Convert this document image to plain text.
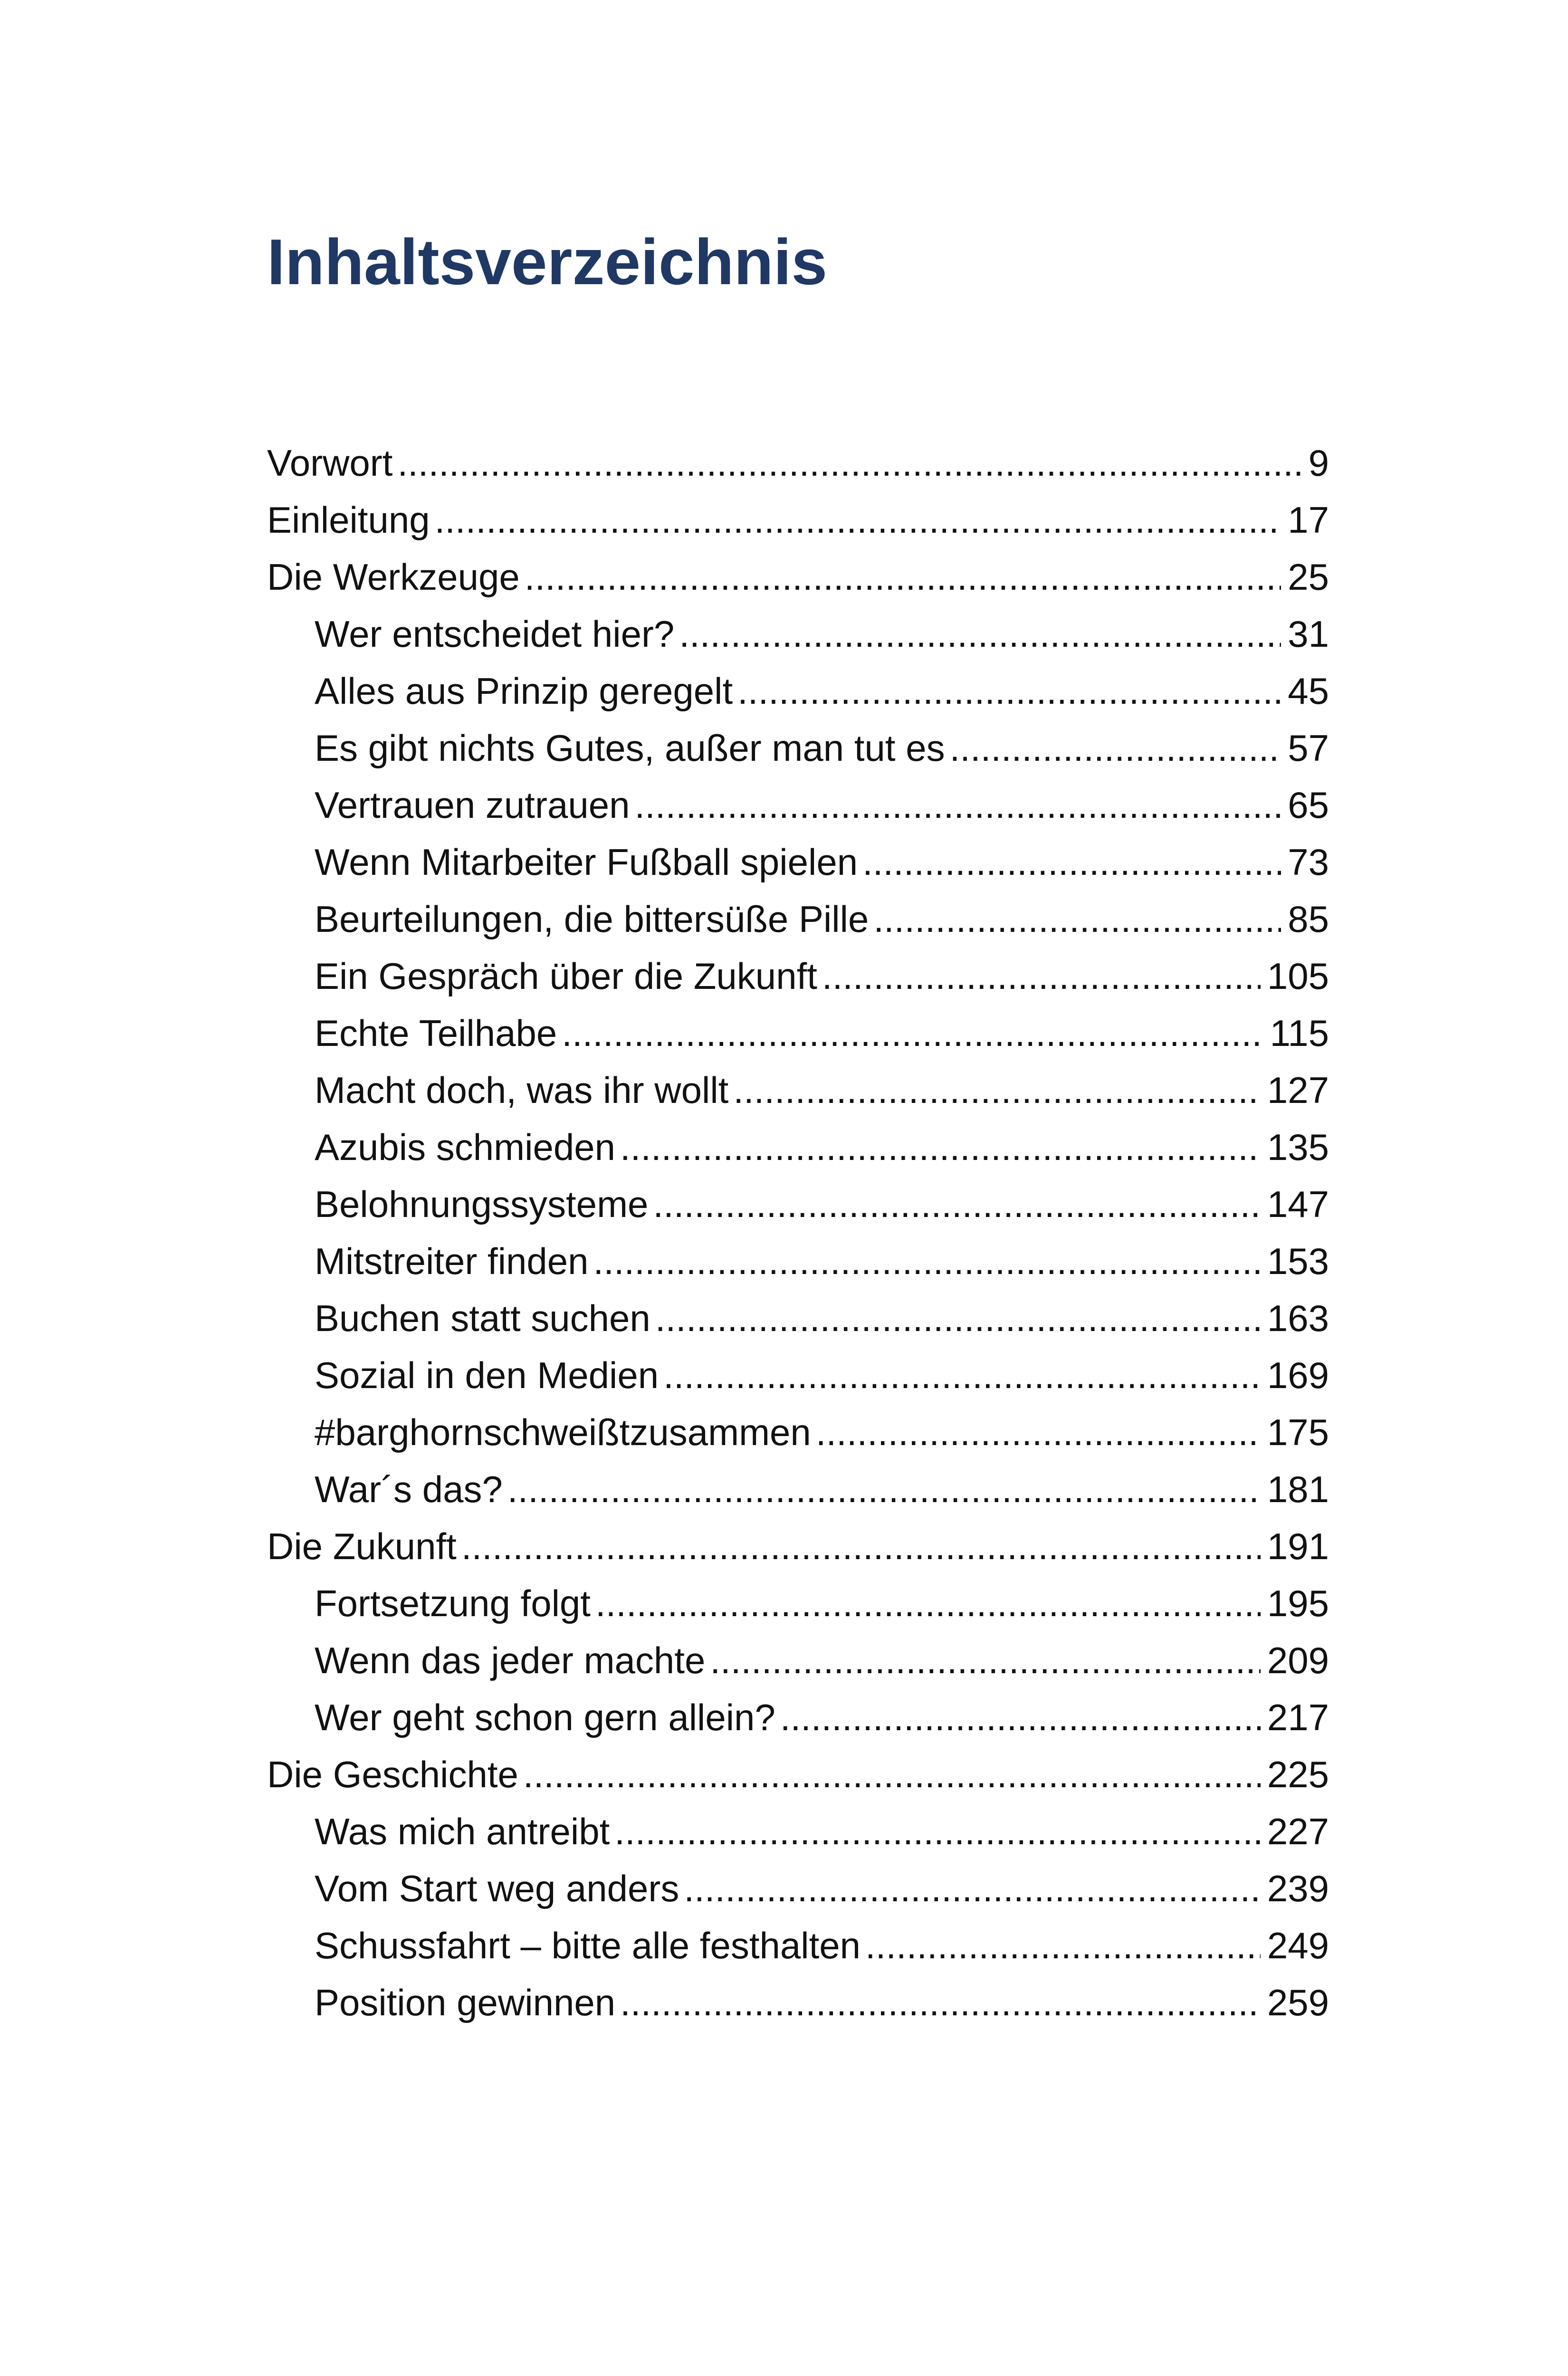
Inhaltsverzeichnis
Vorwort .....	9
Einleitung .....	17
Die Werkzeuge .....	25
Wer entscheidet hier? .....	31
Alles aus Prinzip geregelt .....	45
Es gibt nichts Gutes, außer man tut es .....	57
Vertrauen zutrauen .....	65
Wenn Mitarbeiter Fußball spielen .....	73
Beurteilungen, die bittersüße Pille .....	85
Ein Gespräch über die Zukunft .....	105
Echte Teilhabe .....	115
Macht doch, was ihr wollt .....	127
Azubis schmieden .....	135
Belohnungssysteme .....	147
Mitstreiter finden .....	153
Buchen statt suchen .....	163
Sozial in den Medien .....	169
#barghornschweißtzusammen .....	175
War´s das? .....	181
Die Zukunft .....	191
Fortsetzung folgt .....	195
Wenn das jeder machte .....	209
Wer geht schon gern allein? .....	217
Die Geschichte .....	225
Was mich antreibt .....	227
Vom Start weg anders .....	239
Schussfahrt – bitte alle festhalten .....	249
Position gewinnen .....	259
